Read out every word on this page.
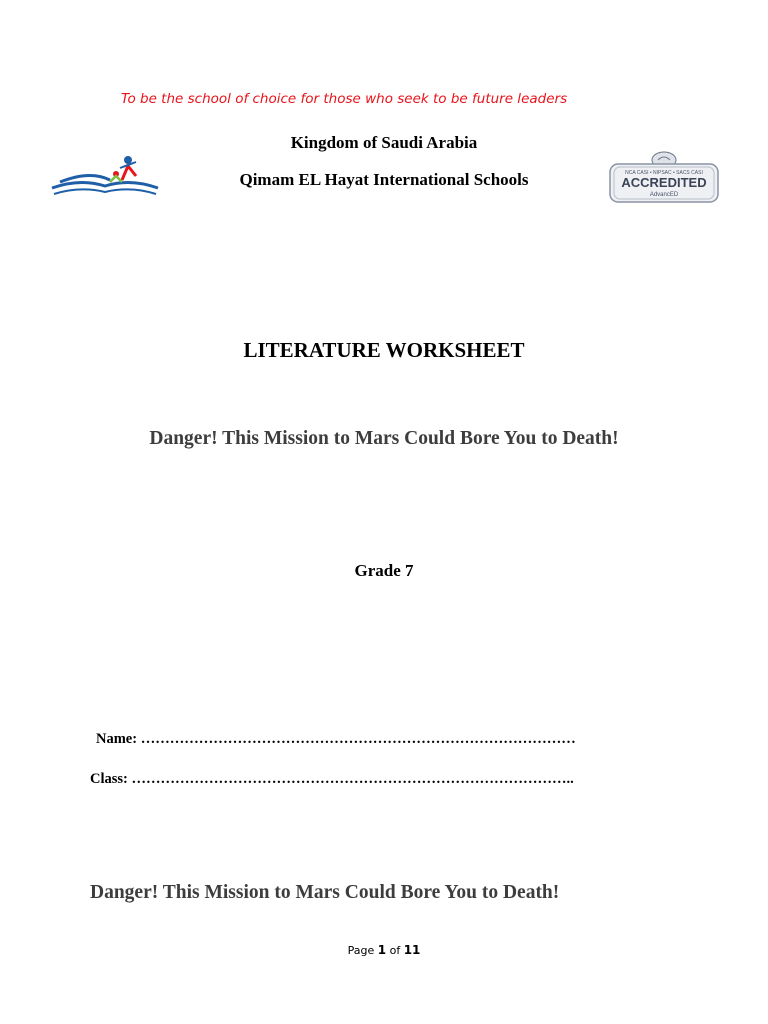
To be the school of choice for those who seek to be future leaders
Kingdom of Saudi Arabia
Qimam EL Hayat International Schools	NCA CASI • NIPSAC • SACS CASI
ACCREDITED
AdvancED
LITERATURE WORKSHEET
Danger! This Mission to Mars Could Bore You to Death!
Grade 7
Name: ………………………………………………………………………………
Class: ………………………………………………………………………………..
Danger! This Mission to Mars Could Bore You to Death!
Page 1 of 11
